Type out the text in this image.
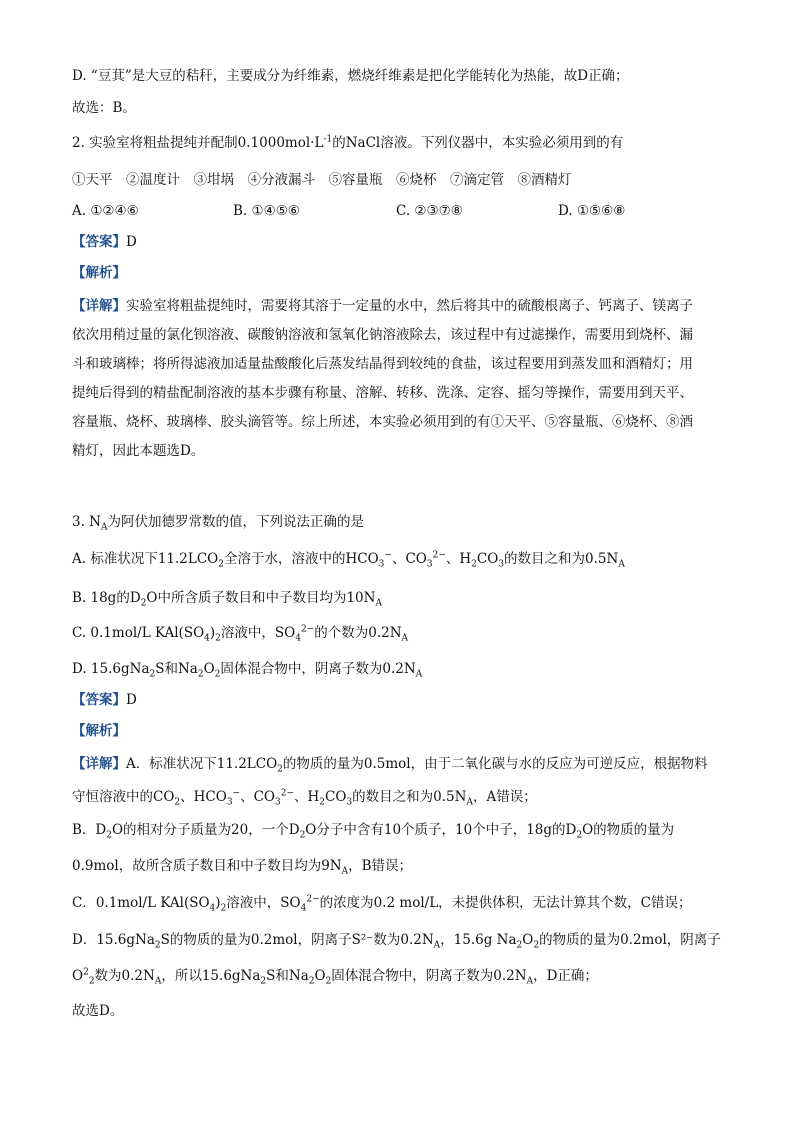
D. “豆萁”是大豆的秸秆，主要成分为纤维素，燃烧纤维素是把化学能转化为热能，故D正确；
故选：B。
2. 实验室将粗盐提纯并配制$0.1000mol\cdot L^{-1}$的NaCl溶液。下列仪器中，本实验必须用到的有
①天平　②温度计　③坩埚　④分液漏斗　⑤容量瓶　⑥烧杯　⑦滴定管　⑧酒精灯
A. ①②④⑥	B. ①④⑤⑥	C. ②③⑦⑧	D. ①⑤⑥⑧
【答案】D
【解析】
【详解】实验室将粗盐提纯时，需要将其溶于一定量的水中，然后将其中的硫酸根离子、钙离子、镁离子
依次用稍过量的氯化钡溶液、碳酸钠溶液和氢氧化钠溶液除去，该过程中有过滤操作，需要用到烧杯、漏
斗和玻璃棒；将所得滤液加适量盐酸酸化后蒸发结晶得到较纯的食盐，该过程要用到蒸发皿和酒精灯；用
提纯后得到的精盐配制溶液的基本步骤有称量、溶解、转移、洗涤、定容、摇匀等操作，需要用到天平、
容量瓶、烧杯、玻璃棒、胶头滴管等。综上所述，本实验必须用到的有①天平、⑤容量瓶、⑥烧杯、⑧酒
精灯，因此本题选D。
3. $N_A$为阿伏加德罗常数的值，下列说法正确的是
A. 标准状况下$11.2LCO_2$全溶于水，溶液中的$HCO_3^-$、$CO_3^{2-}$、$H_2CO_3$的数目之和为$0.5N_A$
B. 18g的$D_2O$中所含质子数目和中子数目均为$10N_A$
C. 0.1mol/L $KAl(SO_4)_2$溶液中，$SO_4^{2-}$的个数为$0.2N_A$
D. 15.6gNa$_2$S和$Na_2O_2$固体混合物中，阴离子数为$0.2N_A$
【答案】D
【解析】
【详解】A．标准状况下$11.2LCO_2$的物质的量为0.5mol，由于二氧化碳与水的反应为可逆反应，根据物料
守恒溶液中的$CO_2$、$HCO_3^-$、$CO_3^{2-}$、$H_2CO_3$的数目之和为$0.5N_A$，A错误；
B．$D_2O$的相对分子质量为20，一个$D_2O$分子中含有10个质子，10个中子，18g的$D_2O$的物质的量为
0.9mol，故所含质子数目和中子数目均为$9N_A$，B错误；
C．0.1mol/L $KAl(SO_4)_2$溶液中，$SO_4^{2-}$的浓度为0.2 mol/L，未提供体积，无法计算其个数，C错误；
D．15.6gNa$_2$S的物质的量为0.2mol，阴离子S²⁻数为$0.2N_A$，15.6g $Na_2O_2$的物质的量为0.2mol，阴离子
$O^2_2$数为$0.2N_A$，所以15.6gNa$_2$S和$Na_2O_2$固体混合物中，阴离子数为$0.2N_A$，D正确；
故选D。
